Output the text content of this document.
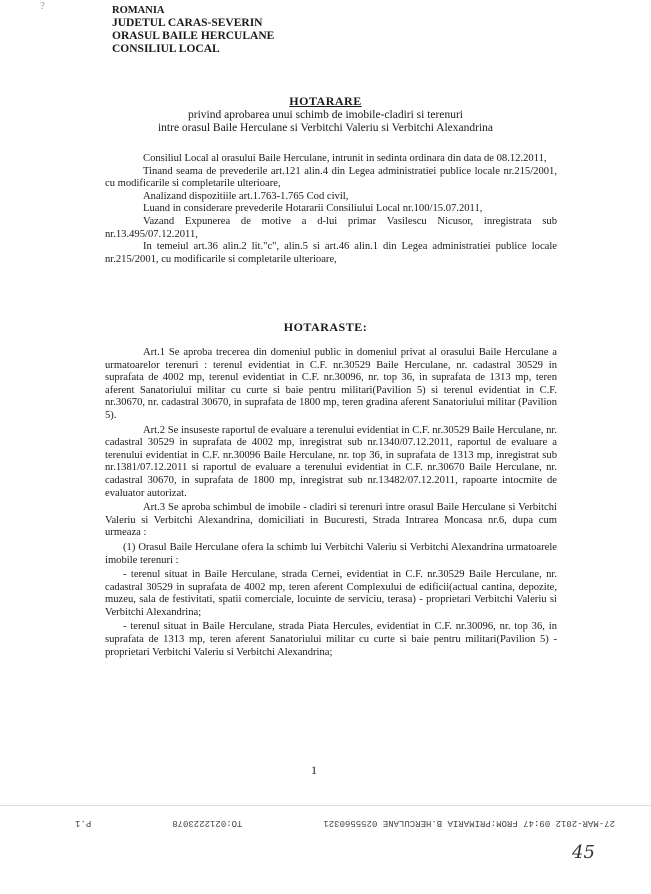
?	ROMANIA
JUDETUL CARAS-SEVERIN
ORASUL BAILE HERCULANE
CONSILIUL LOCAL
HOTARARE
privind aprobarea unui schimb de imobile-cladiri si terenuri
intre orasul Baile Herculane si Verbitchi Valeriu si Verbitchi Alexandrina

Consiliul Local al orasului Baile Herculane, intrunit in sedinta ordinara din data de 08.12.2011,

Tinand seama de prevederile art.121 alin.4 din Legea administratiei publice locale nr.215/2001, cu modificarile si completarile ulterioare,

Analizand dispozitiile art.1.763-1.765 Cod civil,

Luand in considerare prevederile Hotararii Consiliului Local nr.100/15.07.2011,

Vazand Expunerea de motive a d-lui primar Vasilescu Nicusor, inregistrata sub nr.13.495/07.12.2011,

In temeiul art.36 alin.2 lit."c", alin.5 si art.46 alin.1 din Legea administratiei publice locale nr.215/2001, cu modificarile si completarile ulterioare,

HOTARASTE:

Art.1 Se aproba trecerea din domeniul public in domeniul privat al orasului Baile Herculane a urmatoarelor terenuri : terenul evidentiat in C.F. nr.30529 Baile Herculane, nr. cadastral 30529 in suprafata de 4002 mp, terenul evidentiat in C.F. nr.30096, nr. top 36, in suprafata de 1313 mp, teren aferent Sanatoriului militar cu curte si baie pentru militari(Pavilion 5) si terenul evidentiat in C.F. nr.30670, nr. cadastral 30670, in suprafata de 1800 mp, teren gradina aferent Sanatoriului militar (Pavilion 5).

Art.2 Se insuseste raportul de evaluare a terenului evidentiat in C.F. nr.30529 Baile Herculane, nr. cadastral 30529 in suprafata de 4002 mp, inregistrat sub nr.1340/07.12.2011, raportul de evaluare a terenului evidentiat in C.F. nr.30096 Baile Herculane, nr. top 36, in suprafata de 1313 mp, inregistrat sub nr.1381/07.12.2011 si raportul de evaluare a terenului evidentiat in C.F. nr.30670 Baile Herculane, nr. cadastral 30670, in suprafata de 1800 mp, inregistrat sub nr.13482/07.12.2011, rapoarte intocmite de evaluator autorizat.

Art.3 Se aproba schimbul de imobile - cladiri si terenuri intre orasul Baile Herculane si Verbitchi Valeriu si Verbitchi Alexandrina, domiciliati in Bucuresti, Strada Intrarea Moncasa nr.6, dupa cum urmeaza :

(1) Orasul Baile Herculane ofera la schimb lui Verbitchi Valeriu si Verbitchi Alexandrina urmatoarele imobile terenuri :

- terenul situat in Baile Herculane, strada Cernei, evidentiat in C.F. nr.30529 Baile Herculane, nr. cadastral 30529 in suprafata de 4002 mp, teren aferent Complexului de edificii(actual cantina, depozite, muzeu, sala de festivitati, spatii comerciale, locuinte de serviciu, terasa) - proprietari Verbitchi Valeriu si Verbitchi Alexandrina;

- terenul situat in Baile Herculane, strada Piata Hercules, evidentiat in C.F. nr.30096, nr. top 36, in suprafata de 1313 mp, teren aferent Sanatoriului militar cu curte si baie pentru militari(Pavilion 5) - proprietari Verbitchi Valeriu si Verbitchi Alexandrina;

1
27-MAR-2012 09:47 FROM:PRIMARIA B.HERCULANE 0255560321
TO:0212223078
P.1
45
